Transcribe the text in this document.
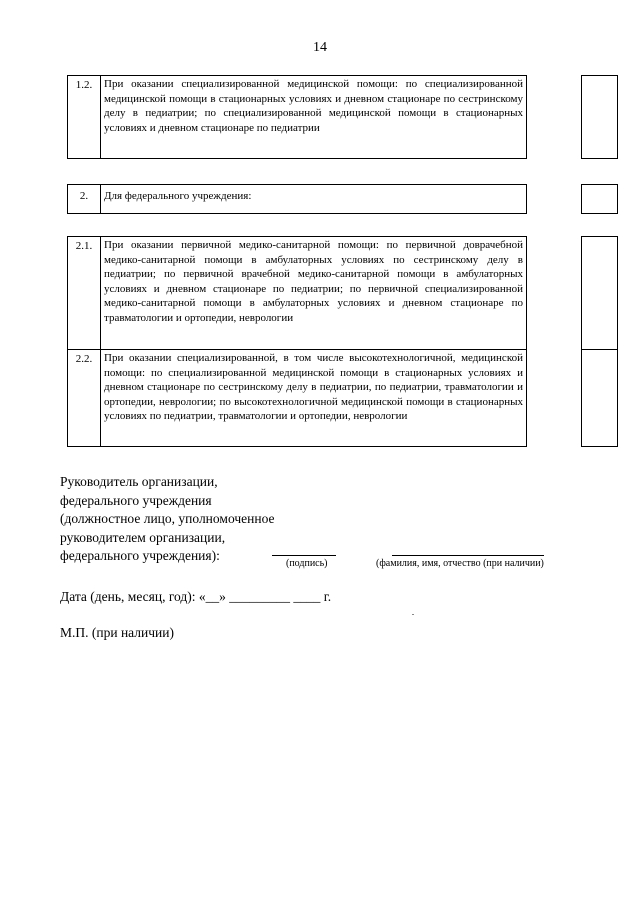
14
1.2.	При оказании специализированной медицинской помощи: по специализированной медицинской помощи в стационарных условиях и дневном стационаре по сестринскому делу в педиатрии; по специализированной медицинской помощи в стационарных условиях и дневном стационаре по педиатрии		
2.	Для федерального учреждения:		
2.1.	При оказании первичной медико-санитарной помощи: по первичной доврачебной медико-санитарной помощи в амбулаторных условиях по сестринскому делу в педиатрии; по первичной врачебной медико-санитарной помощи в амбулаторных условиях и дневном стационаре по педиатрии; по первичной специализированной медико-санитарной помощи в амбулаторных условиях и дневном стационаре по травматологии и ортопедии, неврологии		
2.2.	При оказании специализированной, в том числе высокотехнологичной, медицинской помощи: по специализированной медицинской помощи в стационарных условиях и дневном стационаре по сестринскому делу в педиатрии, по педиатрии, травматологии и ортопедии, неврологии; по высокотехнологичной медицинской помощи в стационарных условиях по педиатрии, травматологии и ортопедии, неврологии		
Руководитель организации,
федерального учреждения
(должностное лицо, уполномоченное
руководителем организации,
федерального учреждения):
(подпись)	(фамилия, имя, отчество (при наличии)
Дата (день, месяц, год): «__» _________ ____ г.
М.П. (при наличии)
